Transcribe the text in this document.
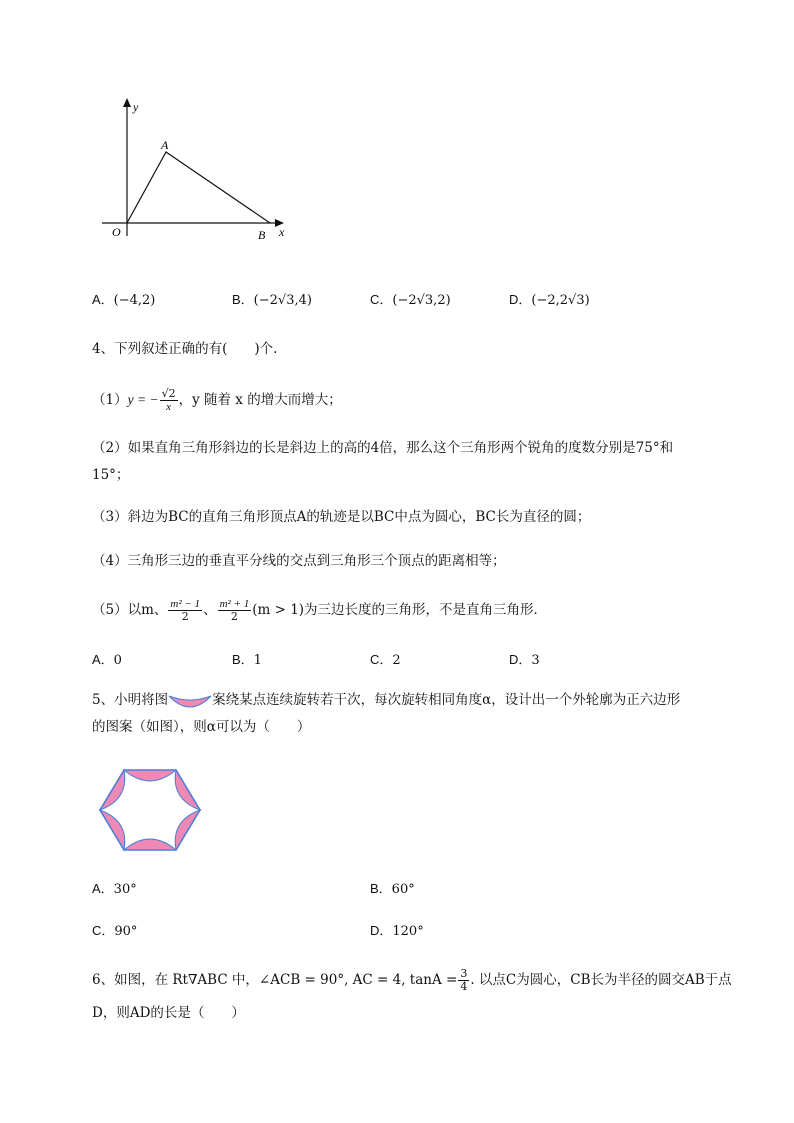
y
A
O	B x
A．(−4,2)	B．(−2√3,4)	C．(−2√3,2)	D．(−2,2√3)
4、下列叙述正确的有(　　)个.
（1）y = − $\frac{√2}{x}$ ，y 随着 x 的增大而增大；
（2）如果直角三角形斜边的长是斜边上的高的4倍，那么这个三角形两个锐角的度数分别是75°和
15°；
（3）斜边为BC的直角三角形顶点A的轨迹是以BC中点为圆心，BC长为直径的圆；
（4）三角形三边的垂直平分线的交点到三角形三个顶点的距离相等；
（5）以m、 $\frac{\text{m² − 1}}{2}$ 、 $\frac{\text{m² + 1}}{2} (m > 1)$为三边长度的三角形，不是直角三角形．
A．0	B．1	C．2	D．3
5、小明将图	案绕某点连续旋转若干次，每次旋转相同角度α，设计出一个外轮廓为正六边形
的图案（如图），则α可以为（　　）
A．30°	B．60°
C．90°	D．120°
6、如图，在 Rt∇ABC 中，∠ACB = 90°, AC = 4, $\tan A = \frac{3}{4}$ . 以点C为圆心，CB长为半径的圆交AB于点
D，则AD的长是（　　）
